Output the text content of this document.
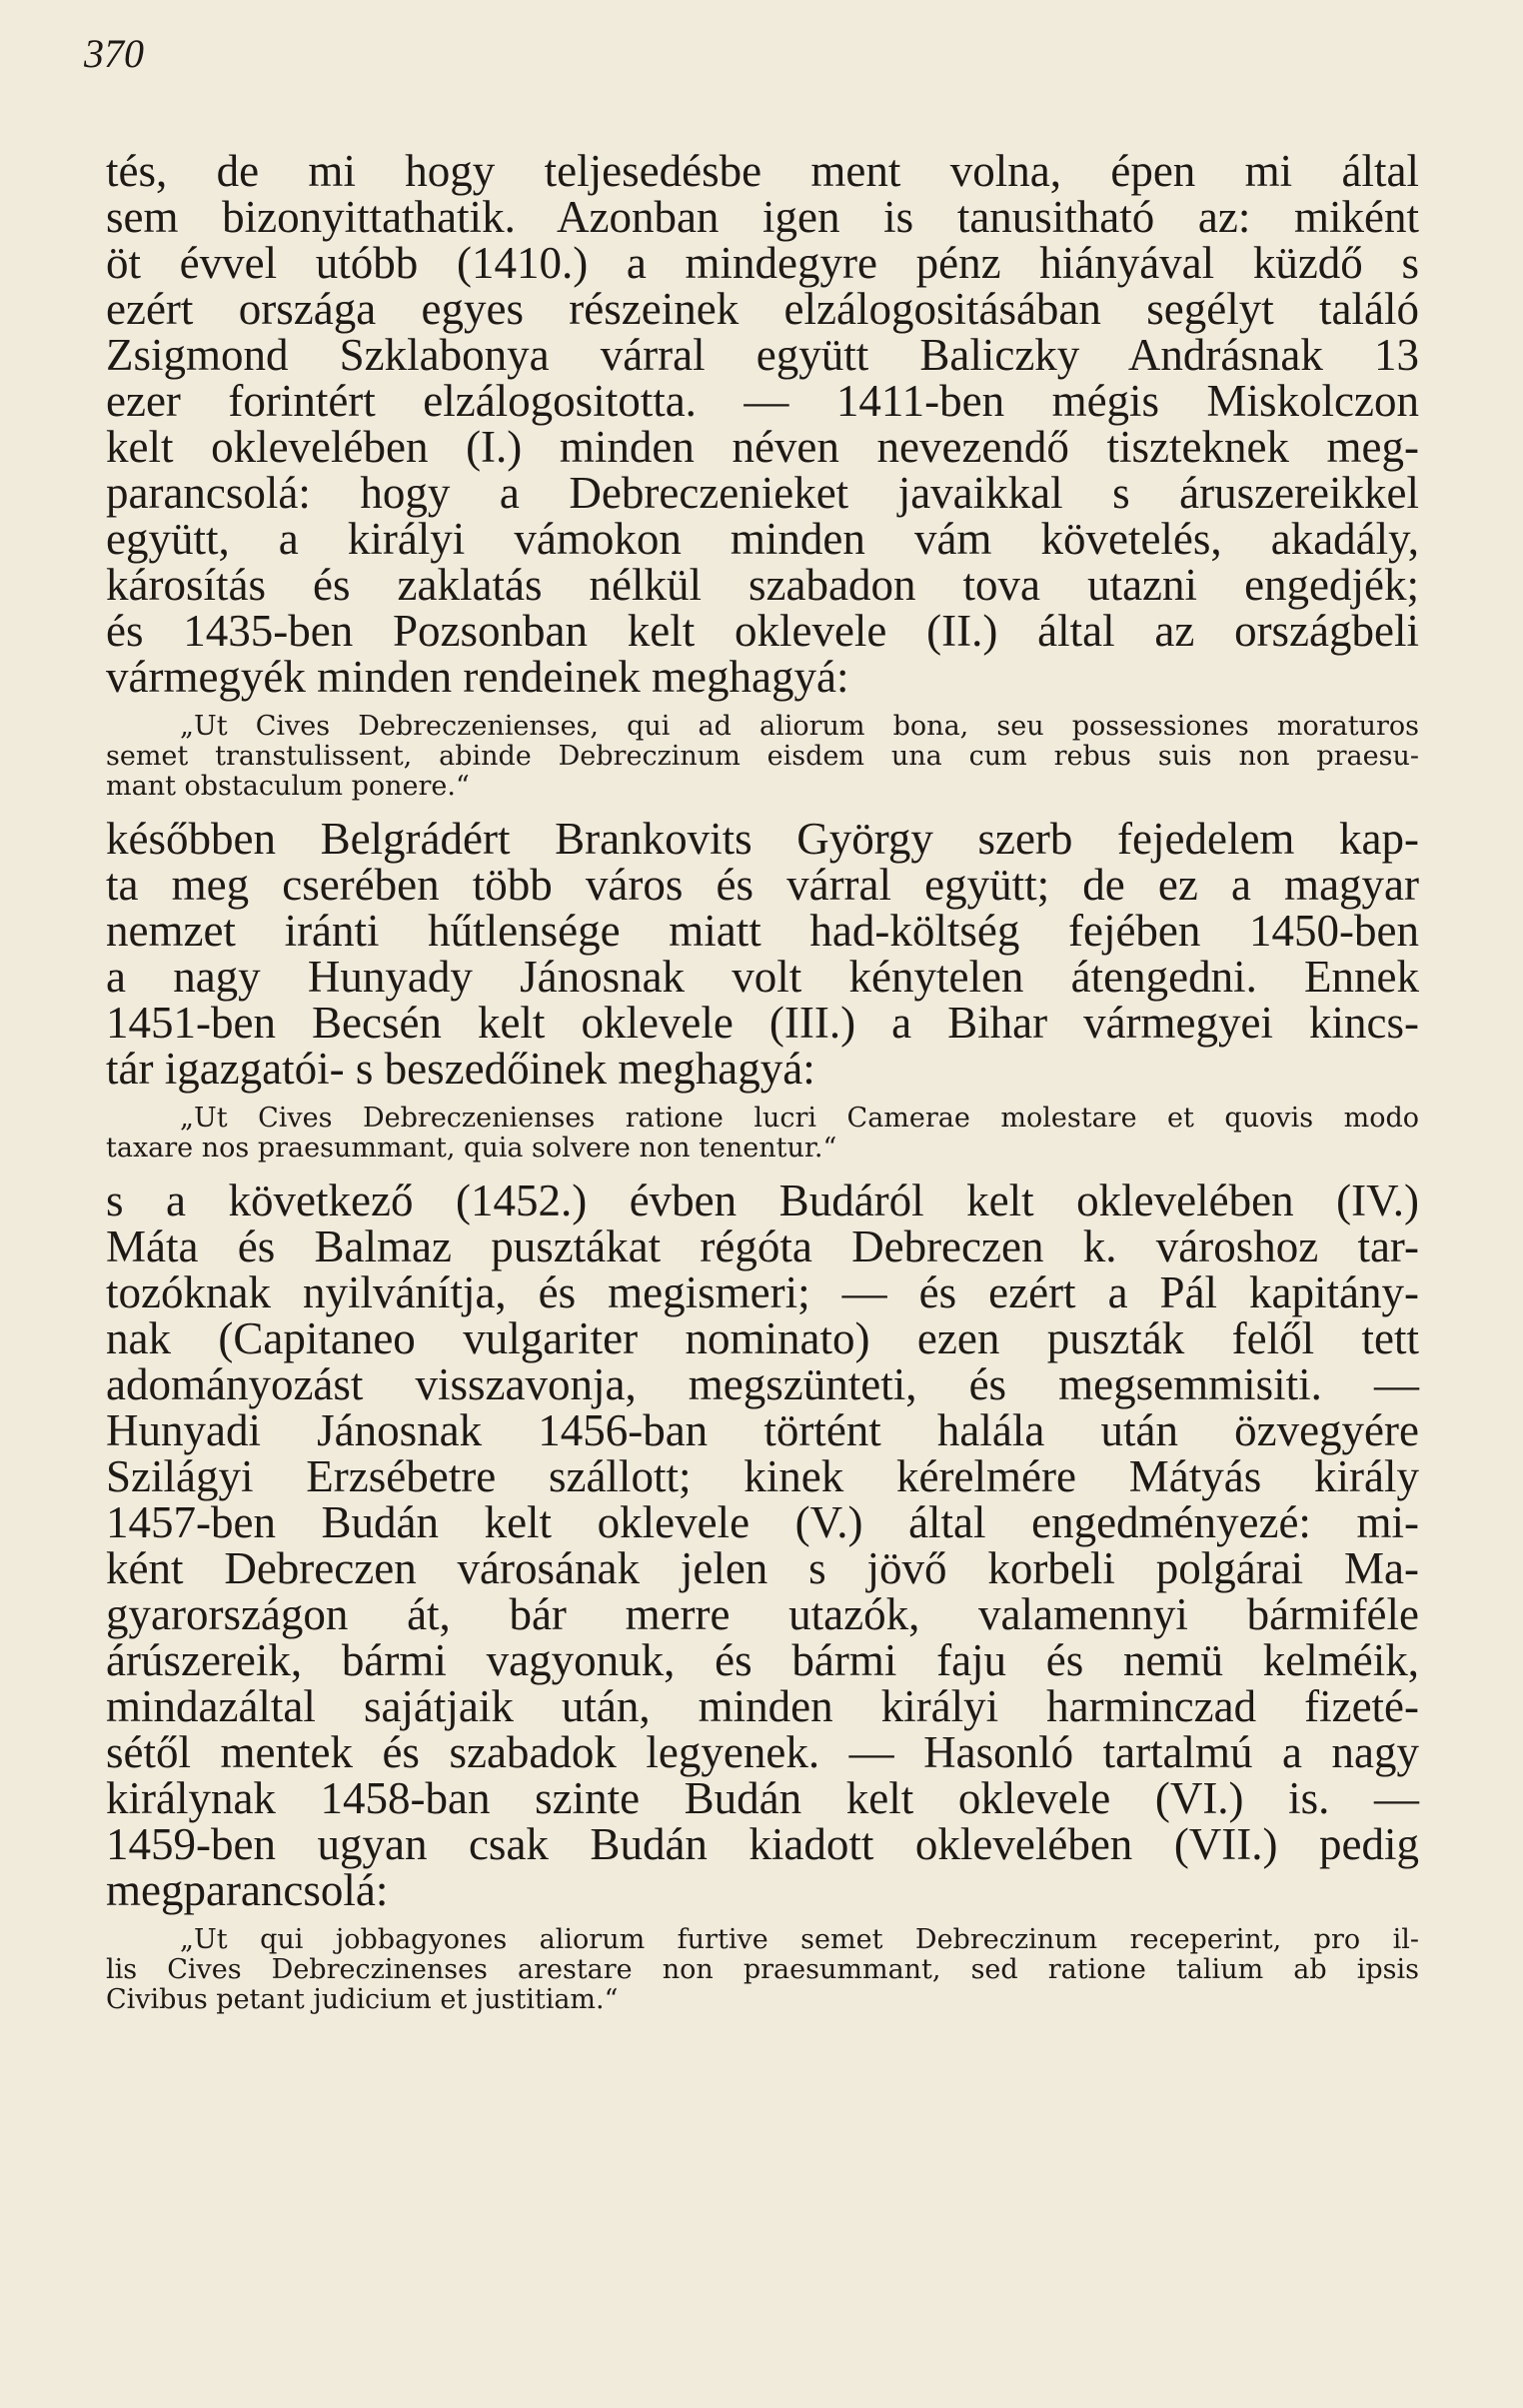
370
tés, de mi hogy teljesedésbe ment volna, épen mi által
sem bizonyittathatik. Azonban igen is tanusitható az: miként
öt évvel utóbb (1410.) a mindegyre pénz hiányával küzdő s
ezért országa egyes részeinek elzálogositásában segélyt találó
Zsigmond Szklabonya várral együtt Baliczky Andrásnak 13
ezer forintért elzálogositotta. — 1411-ben mégis Miskolczon
kelt oklevelében (I.) minden néven nevezendő tiszteknek meg-
parancsolá: hogy a Debreczenieket javaikkal s áruszereikkel
együtt, a királyi vámokon minden vám követelés, akadály,
károsítás és zaklatás nélkül szabadon tova utazni engedjék;
és 1435-ben Pozsonban kelt oklevele (II.) által az országbeli
vármegyék minden rendeinek meghagyá:
„Ut Cives Debreczenienses, qui ad aliorum bona, seu possessiones moraturos
semet transtulissent, abinde Debreczinum eisdem una cum rebus suis non praesu-
mant obstaculum ponere.“
későbben Belgrádért Brankovits György szerb fejedelem kap-
ta meg cserében több város és várral együtt; de ez a magyar
nemzet iránti hűtlensége miatt had-költség fejében 1450-ben
a nagy Hunyady Jánosnak volt kénytelen átengedni. Ennek
1451-ben Becsén kelt oklevele (III.) a Bihar vármegyei kincs-
tár igazgatói- s beszedőinek meghagyá:
„Ut Cives Debreczenienses ratione lucri Camerae molestare et quovis modo
taxare nos praesummant, quia solvere non tenentur.“
s a következő (1452.) évben Budáról kelt oklevelében (IV.)
Máta és Balmaz pusztákat régóta Debreczen k. városhoz tar-
tozóknak nyilvánítja, és megismeri; — és ezért a Pál kapitány-
nak (Capitaneo vulgariter nominato) ezen puszták felől tett
adományozást visszavonja, megszünteti, és megsemmisiti. —
Hunyadi Jánosnak 1456-ban történt halála után özvegyére
Szilágyi Erzsébetre szállott; kinek kérelmére Mátyás király
1457-ben Budán kelt oklevele (V.) által engedményezé: mi-
ként Debreczen városának jelen s jövő korbeli polgárai Ma-
gyarországon át, bár merre utazók, valamennyi bármiféle
árúszereik, bármi vagyonuk, és bármi faju és nemü kelméik,
mindazáltal sajátjaik után, minden királyi harminczad fizeté-
sétől mentek és szabadok legyenek. — Hasonló tartalmú a nagy
királynak 1458-ban szinte Budán kelt oklevele (VI.) is. —
1459-ben ugyan csak Budán kiadott oklevelében (VII.) pedig
megparancsolá:
„Ut qui jobbagyones aliorum furtive semet Debreczinum receperint, pro il-
lis Cives Debreczinenses arestare non praesummant, sed ratione talium ab ipsis
Civibus petant judicium et justitiam.“
